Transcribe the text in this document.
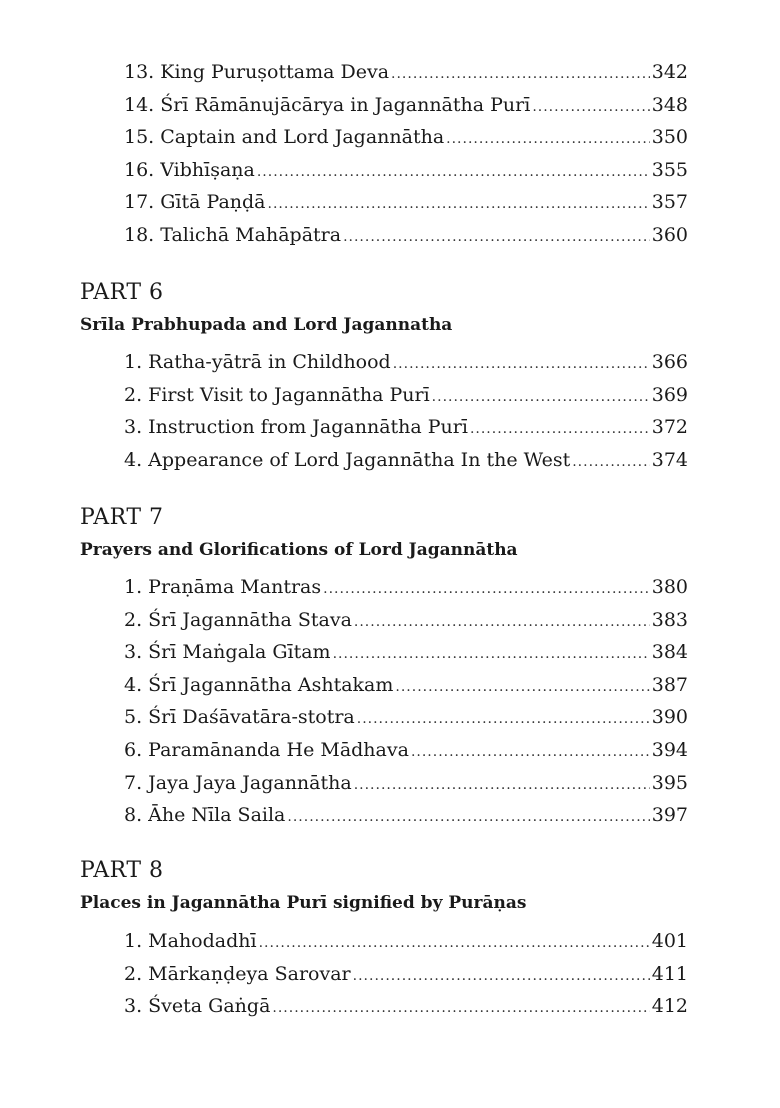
13. King Puruṣottama Deva .....	342
14. Śrī Rāmānujācārya in Jagannātha Purī .....	348
15. Captain and Lord Jagannātha .....	350
16. Vibhīṣaṇa .....	355
17. Gītā Paṇḍā .....	357
18. Talichā Mahāpātra .....	360
PART 6
Srīla Prabhupada and Lord Jagannatha
1. Ratha-yātrā in Childhood .....	366
2. First Visit to Jagannātha Purī .....	369
3. Instruction from Jagannātha Purī .....	372
4. Appearance of Lord Jagannātha In the West .....	374
PART 7
Prayers and Glorifications of Lord Jagannātha
1. Praṇāma Mantras .....	380
2. Śrī Jagannātha Stava .....	383
3. Śrī Maṅgala Gītam .....	384
4. Śrī Jagannātha Ashtakam .....	387
5. Śrī Daśāvatāra-stotra .....	390
6. Paramānanda He Mādhava .....	394
7. Jaya Jaya Jagannātha .....	395
8. Āhe Nīla Saila .....	397
PART 8
Places in Jagannātha Purī signified by Purāṇas
1. Mahodadhī .....	401
2. Mārkaṇḍeya Sarovar .....	411
3. Śveta Gaṅgā .....	412
